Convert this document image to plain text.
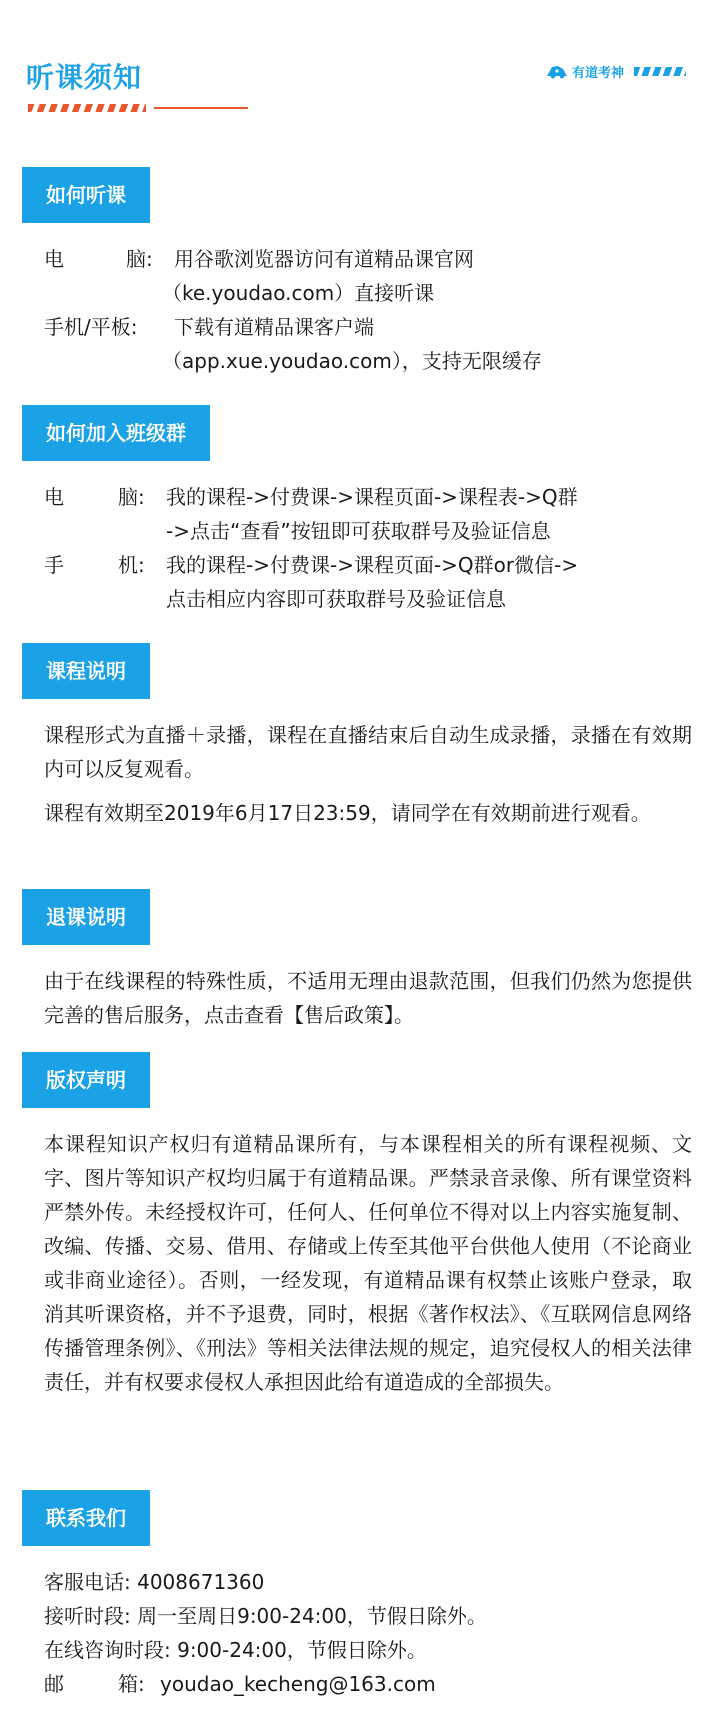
听课须知	有道考神
如何听课
电	脑: 用谷歌浏览器访问有道精品课官网
（ke.youdao.com）直接听课
手机/平板: 下载有道精品课客户端
（app.xue.youdao.com），支持无限缓存
如何加入班级群
电	脑: 我的课程->付费课->课程页面->课程表->Q群
->点击“查看”按钮即可获取群号及验证信息
手	机: 我的课程->付费课->课程页面->Q群or微信->
点击相应内容即可获取群号及验证信息
课程说明
课程形式为直播＋录播，课程在直播结束后自动生成录播，录播在有效期内可以反复观看。
课程有效期至2019年6月17日23:59，请同学在有效期前进行观看。
退课说明
由于在线课程的特殊性质，不适用无理由退款范围，但我们仍然为您提供完善的售后服务，点击查看【售后政策】。
版权声明
本课程知识产权归有道精品课所有，与本课程相关的所有课程视频、文字、图片等知识产权均归属于有道精品课。严禁录音录像、所有课堂资料严禁外传。未经授权许可，任何人、任何单位不得对以上内容实施复制、改编、传播、交易、借用、存储或上传至其他平台供他人使用（不论商业或非商业途径）。否则，一经发现，有道精品课有权禁止该账户登录，取消其听课资格，并不予退费，同时，根据《著作权法》、《互联网信息网络传播管理条例》、《刑法》等相关法律法规的规定，追究侵权人的相关法律责任，并有权要求侵权人承担因此给有道造成的全部损失。
联系我们
客服电话: 4008671360
接听时段: 周一至周日9:00-24:00，节假日除外。
在线咨询时段: 9:00-24:00，节假日除外。
邮	箱: youdao_kecheng@163.com
